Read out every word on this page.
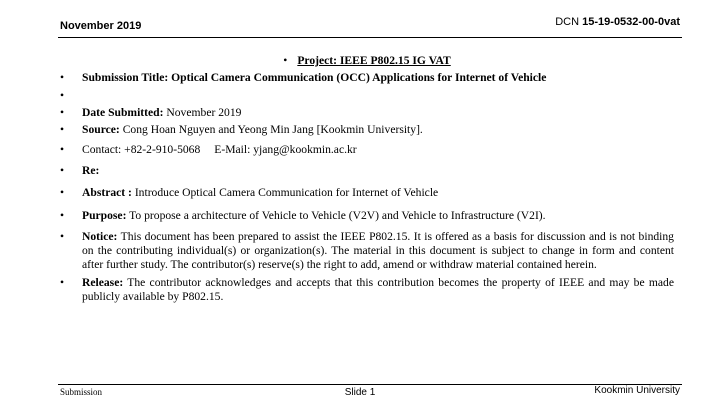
November 2019	DCN 15-19-0532-00-0vat
• Project: IEEE P802.15 IG VAT
• Submission Title: Optical Camera Communication (OCC) Applications for Internet of Vehicle
•

• Date Submitted: November 2019
• Source: Cong Hoan Nguyen and Yeong Min Jang [Kookmin University].
• Contact: +82-2-910-5068 E-Mail: yjang@kookmin.ac.kr
• Re:
• Abstract : Introduce Optical Camera Communication for Internet of Vehicle
• Purpose: To propose a architecture of Vehicle to Vehicle (V2V) and Vehicle to Infrastructure (V2I).
• Notice: This document has been prepared to assist the IEEE P802.15. It is offered as a basis for discussion and is not binding on the contributing individual(s) or organization(s). The material in this document is subject to change in form and content after further study. The contributor(s) reserve(s) the right to add, amend or withdraw material contained herein.
• Release: The contributor acknowledges and accepts that this contribution becomes the property of IEEE and may be made publicly available by P802.15.
Submission	Slide 1	Kookmin University
